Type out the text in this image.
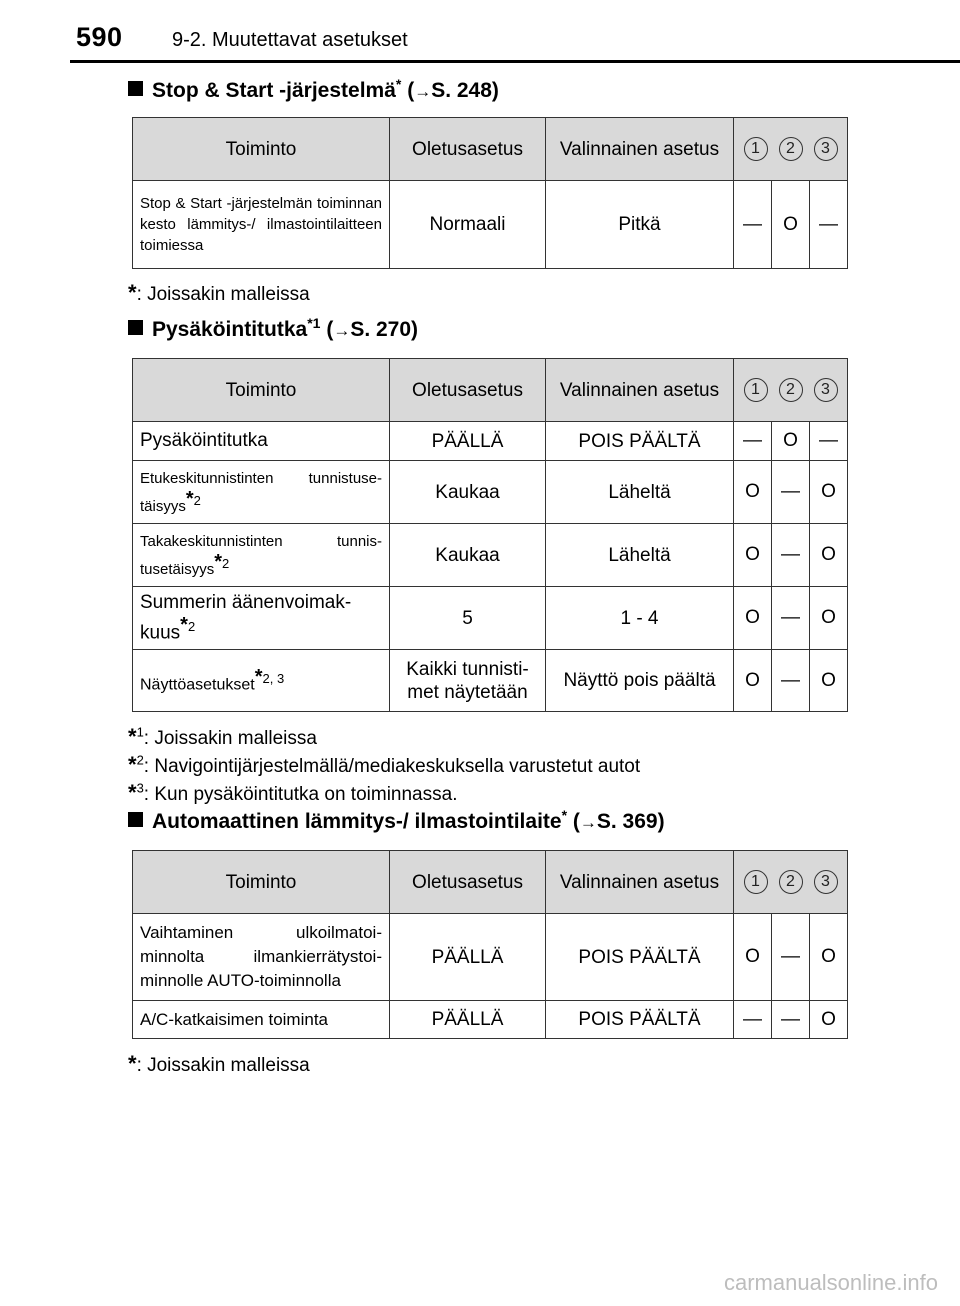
590 9-2. Muutettavat asetukset
Stop & Start -järjestelmä* (→S. 248)
Toiminto	Oletusasetus	Valinnainen asetus	1 2 3		

Stop & Start -järjestelmän toiminnan kesto lämmitys-/ ilmastointilaitteen toimiessa	Normaali	Pitkä	—	O	—
*: Joissakin malleissa
Pysäköintitutka$^{*1}$ (→S. 270)
Toiminto	Oletusasetus	Valinnainen asetus	1 2 3		

Pysäköintitutka	PÄÄLLÄ	POIS PÄÄLTÄ	—	O	—
Etukeskitunnistinten tunnistuse- täisyys$^{*2}$	Kaukaa	Läheltä	O	—	O
Takakeskitunnistinten tunnis- tusetäisyys$^{*2}$	Kaukaa	Läheltä	O	—	O
Summerin äänenvoimak- kuus$^{*2}$	5	1 - 4	O	—	O
Näyttöasetukset$^{*2, 3}$	Kaikki tunnisti- met näytetään	Näyttö pois päältä	O	—	O
*$^1$: Joissakin malleissa
*$^2$: Navigointijärjestelmällä/mediakeskuksella varustetut autot
*$^3$: Kun pysäköintitutka on toiminnassa.
Automaattinen lämmitys-/ ilmastointilaite* (→S. 369)
Toiminto	Oletusasetus	Valinnainen asetus	1 2 3		

Vaihtaminen ulkoilmatoi- minnolta ilmankierrätystoi- minnolle AUTO-toiminnolla	PÄÄLLÄ	POIS PÄÄLTÄ	O	—	O
A/C-katkaisimen toiminta	PÄÄLLÄ	POIS PÄÄLTÄ	—	—	O
*: Joissakin malleissa
carmanualsonline.info
